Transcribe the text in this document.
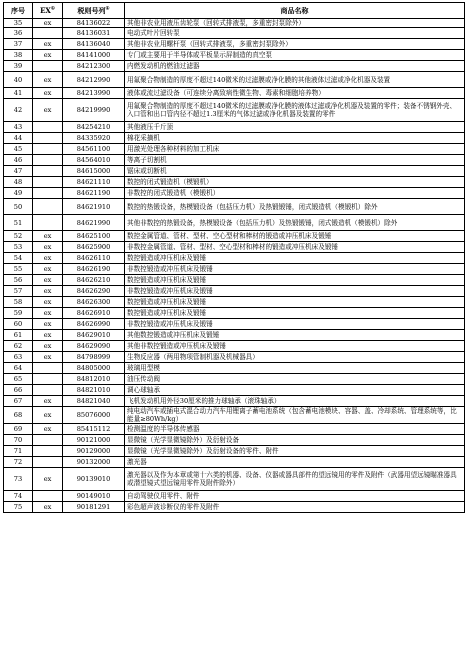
序号	EX①	税则号列①	商品名称
35	ex	84136022	其他非农业用液压齿轮泵（回转式排液泵，多重密封泵除外）
36		84136031	电动式叶片回转泵
37	ex	84136040	其他非农业用螺杆泵（回转式排液泵，多重密封泵除外）
38	ex	84141000	专门或主要用于半导体或平板显示屏制造的真空泵
39		84212300	内燃发动机的燃油过滤器
40	ex	84212990	用氟聚合物制造的厚度不超过140微米的过滤膜或净化膜的其他液体过滤或净化机器及装置
41	ex	84213990	液体或流过滤设备（可连续分离致病性微生物、毒素和细胞培养物）
42	ex	84219990	用氟聚合物制造的厚度不超过140微米的过滤膜或净化膜的液体过滤或净化机器及装置的零件；装备不锈钢外壳、入口管和出口管内径不超过1.3厘米的气体过滤或净化机器及装置的零件
43		84254210	其他液压千斤顶
44		84335920	棉花采摘机
45		84561100	用激光处理各种材料的加工机床
46		84564010	等离子切割机
47		84615000	锯床或切断机
48		84621110	数控的闭式锻造机（模锻机）
49		84621190	非数控的闭式锻造机（模锻机）
50		84621910	数控的热锻设备，热模锻设备（包括压力机）及热锻锻锤，闭式锻造机（模锻机）除外
51		84621990	其他非数控的热锻设备，热模锻设备（包括压力机）及热锻锻锤，闭式锻造机（模锻机）除外
52	ex	84625100	数控金属管道、管材、型材、空心型材和棒材的锻造或冲压机床及锻锤
53	ex	84625900	非数控金属管道、管材、型材、空心型材和棒材的锻造或冲压机床及锻锤
54	ex	84626110	数控锻造或冲压机床及锻锤
55	ex	84626190	非数控锻造或冲压机床及锻锤
56	ex	84626210	数控锻造或冲压机床及锻锤
57	ex	84626290	非数控锻造或冲压机床及锻锤
58	ex	84626300	数控锻造或冲压机床及锻锤
59	ex	84626910	数控锻造或冲压机床及锻锤
60	ex	84626990	非数控锻造或冲压机床及锻锤
61	ex	84629010	其他数控锻造或冲压机床及锻锤
62	ex	84629090	其他非数控锻造或冲压机床及锻锤
63	ex	84798999	生物反应器（两用物项管制机器及机械器具）
64		84805000	玻璃用型模
65		84812010	油压传动阀
66		84821010	调心球轴承
67	ex	84821040	飞机发动机用外径30厘米的推力球轴承（滚珠轴承）
68	ex	85076000	纯电动汽车或插电式混合动力汽车用锂离子蓄电池系统（包含蓄电池模块、容器、盖、冷却系统、管理系统等，比能量≥80Wh/kg）
69	ex	85415112	检测温度的半导体传感器
70		90121000	显微镜（光学显微镜除外）及衍射设备
71		90129000	显微镜（光学显微镜除外）及衍射设备的零件、附件
72		90132000	激光器
73	ex	90139010	激光器以及作为本章或第十六类的机器、设备、仪器或器具部件的望远镜用的零件及附件（武器用望远镜瞄准器具或潜望镜式望远镜用零件及附件除外）
74		90149010	自动驾驶仪用零件、附件
75	ex	90181291	彩色超声波诊断仪的零件及附件
